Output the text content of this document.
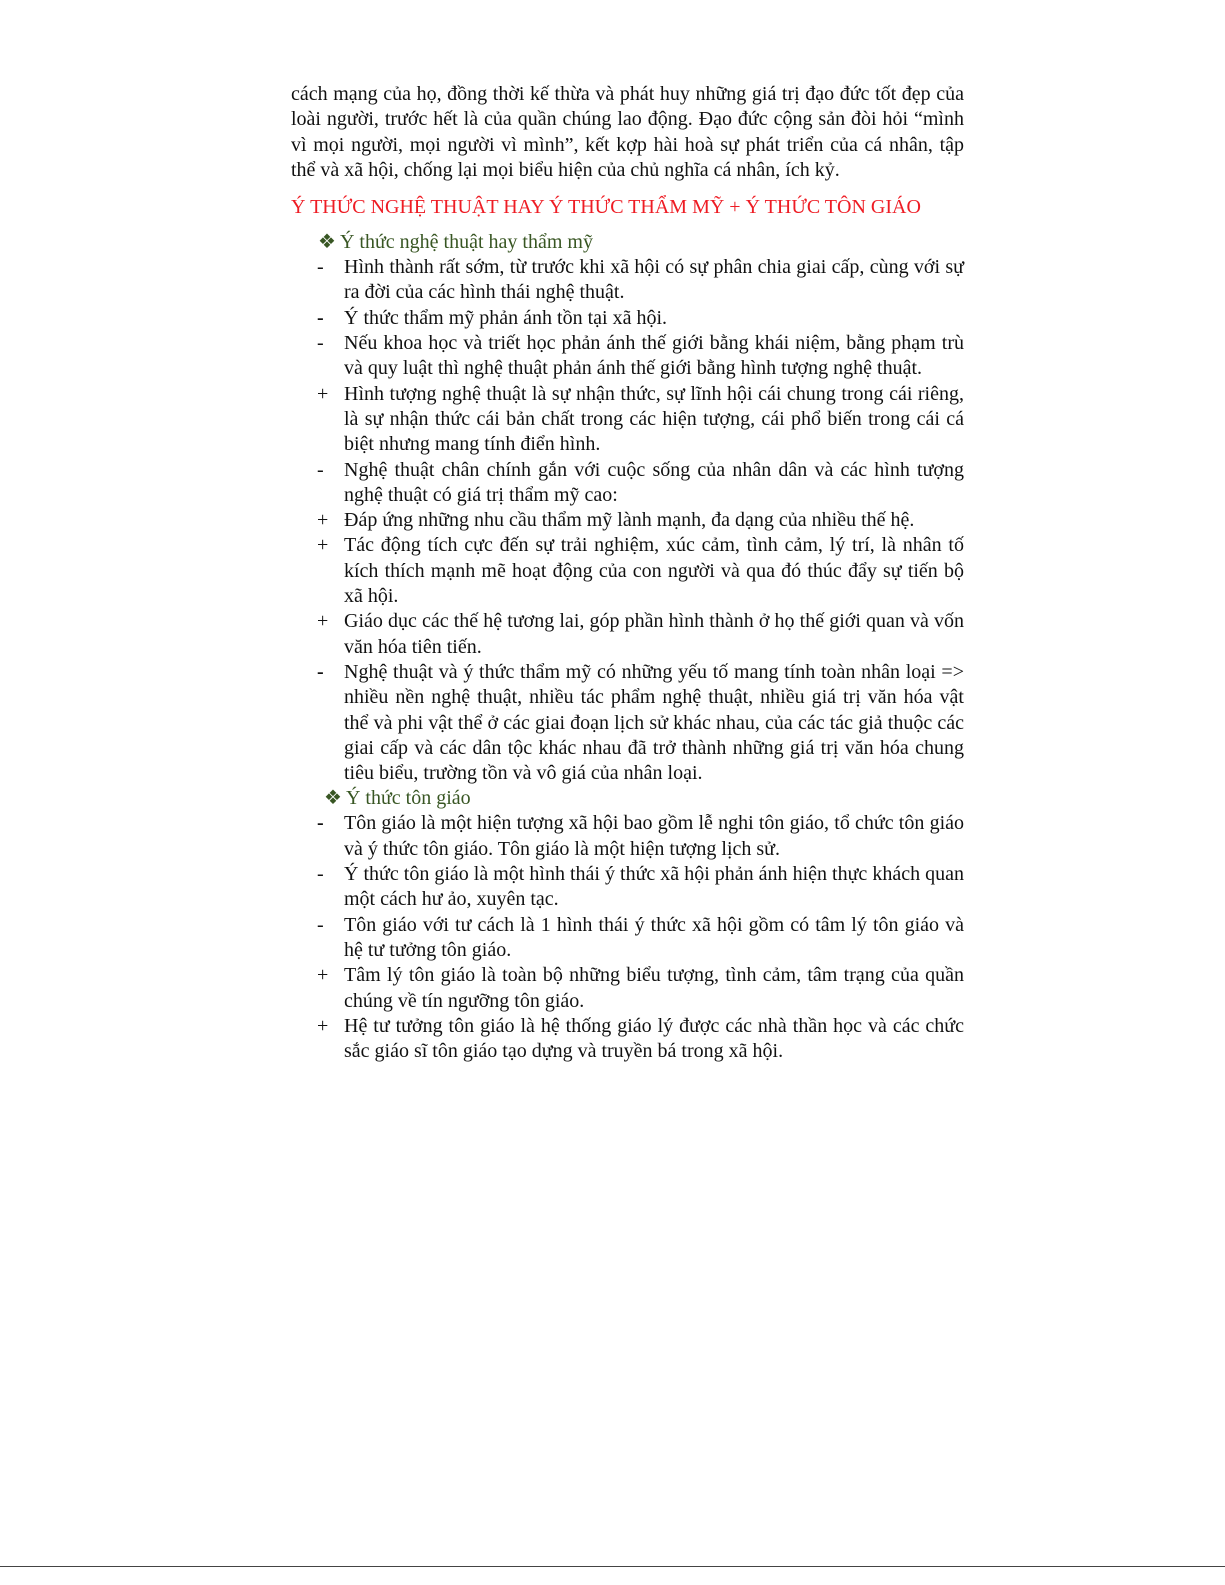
cách mạng của họ, đồng thời kế thừa và phát huy những giá trị đạo đức tốt đẹp của loài người, trước hết là của quần chúng lao động. Đạo đức cộng sản đòi hỏi “mình vì mọi người, mọi người vì mình”, kết kợp hài hoà sự phát triển của cá nhân, tập thể và xã hội, chống lại mọi biểu hiện của chủ nghĩa cá nhân, ích kỷ.

Ý THỨC NGHỆ THUẬT HAY Ý THỨC THẨM MỸ + Ý THỨC TÔN GIÁO
❖ Ý thức nghệ thuật hay thẩm mỹ

-	Hình thành rất sớm, từ trước khi xã hội có sự phân chia giai cấp, cùng với sự ra đời của các hình thái nghệ thuật.

-	Ý thức thẩm mỹ phản ánh tồn tại xã hội.

-	Nếu khoa học và triết học phản ánh thế giới bằng khái niệm, bằng phạm trù và quy luật thì nghệ thuật phản ánh thế giới bằng hình tượng nghệ thuật.

+ Hình tượng nghệ thuật là sự nhận thức, sự lĩnh hội cái chung trong cái riêng, là sự nhận thức cái bản chất trong các hiện tượng, cái phổ biến trong cái cá biệt nhưng mang tính điển hình.

-	Nghệ thuật chân chính gắn với cuộc sống của nhân dân và các hình tượng nghệ thuật có giá trị thẩm mỹ cao:

+ Đáp ứng những nhu cầu thẩm mỹ lành mạnh, đa dạng của nhiều thế hệ.

+ Tác động tích cực đến sự trải nghiệm, xúc cảm, tình cảm, lý trí, là nhân tố kích thích mạnh mẽ hoạt động của con người và qua đó thúc đẩy sự tiến bộ xã hội.

+ Giáo dục các thế hệ tương lai, góp phần hình thành ở họ thế giới quan và vốn văn hóa tiên tiến.

-	Nghệ thuật và ý thức thẩm mỹ có những yếu tố mang tính toàn nhân loại => nhiều nền nghệ thuật, nhiều tác phẩm nghệ thuật, nhiều giá trị văn hóa vật thể và phi vật thể ở các giai đoạn lịch sử khác nhau, của các tác giả thuộc các giai cấp và các dân tộc khác nhau đã trở thành những giá trị văn hóa chung tiêu biểu, trường tồn và vô giá của nhân loại.

❖ Ý thức tôn giáo

-	Tôn giáo là một hiện tượng xã hội bao gồm lễ nghi tôn giáo, tổ chức tôn giáo và ý thức tôn giáo. Tôn giáo là một hiện tượng lịch sử.

-	Ý thức tôn giáo là một hình thái ý thức xã hội phản ánh hiện thực khách quan một cách hư ảo, xuyên tạc.

-	Tôn giáo với tư cách là 1 hình thái ý thức xã hội gồm có tâm lý tôn giáo và hệ tư tưởng tôn giáo.

+ Tâm lý tôn giáo là toàn bộ những biểu tượng, tình cảm, tâm trạng của quần chúng về tín ngưỡng tôn giáo.

+ Hệ tư tưởng tôn giáo là hệ thống giáo lý được các nhà thần học và các chức sắc giáo sĩ tôn giáo tạo dựng và truyền bá trong xã hội.
